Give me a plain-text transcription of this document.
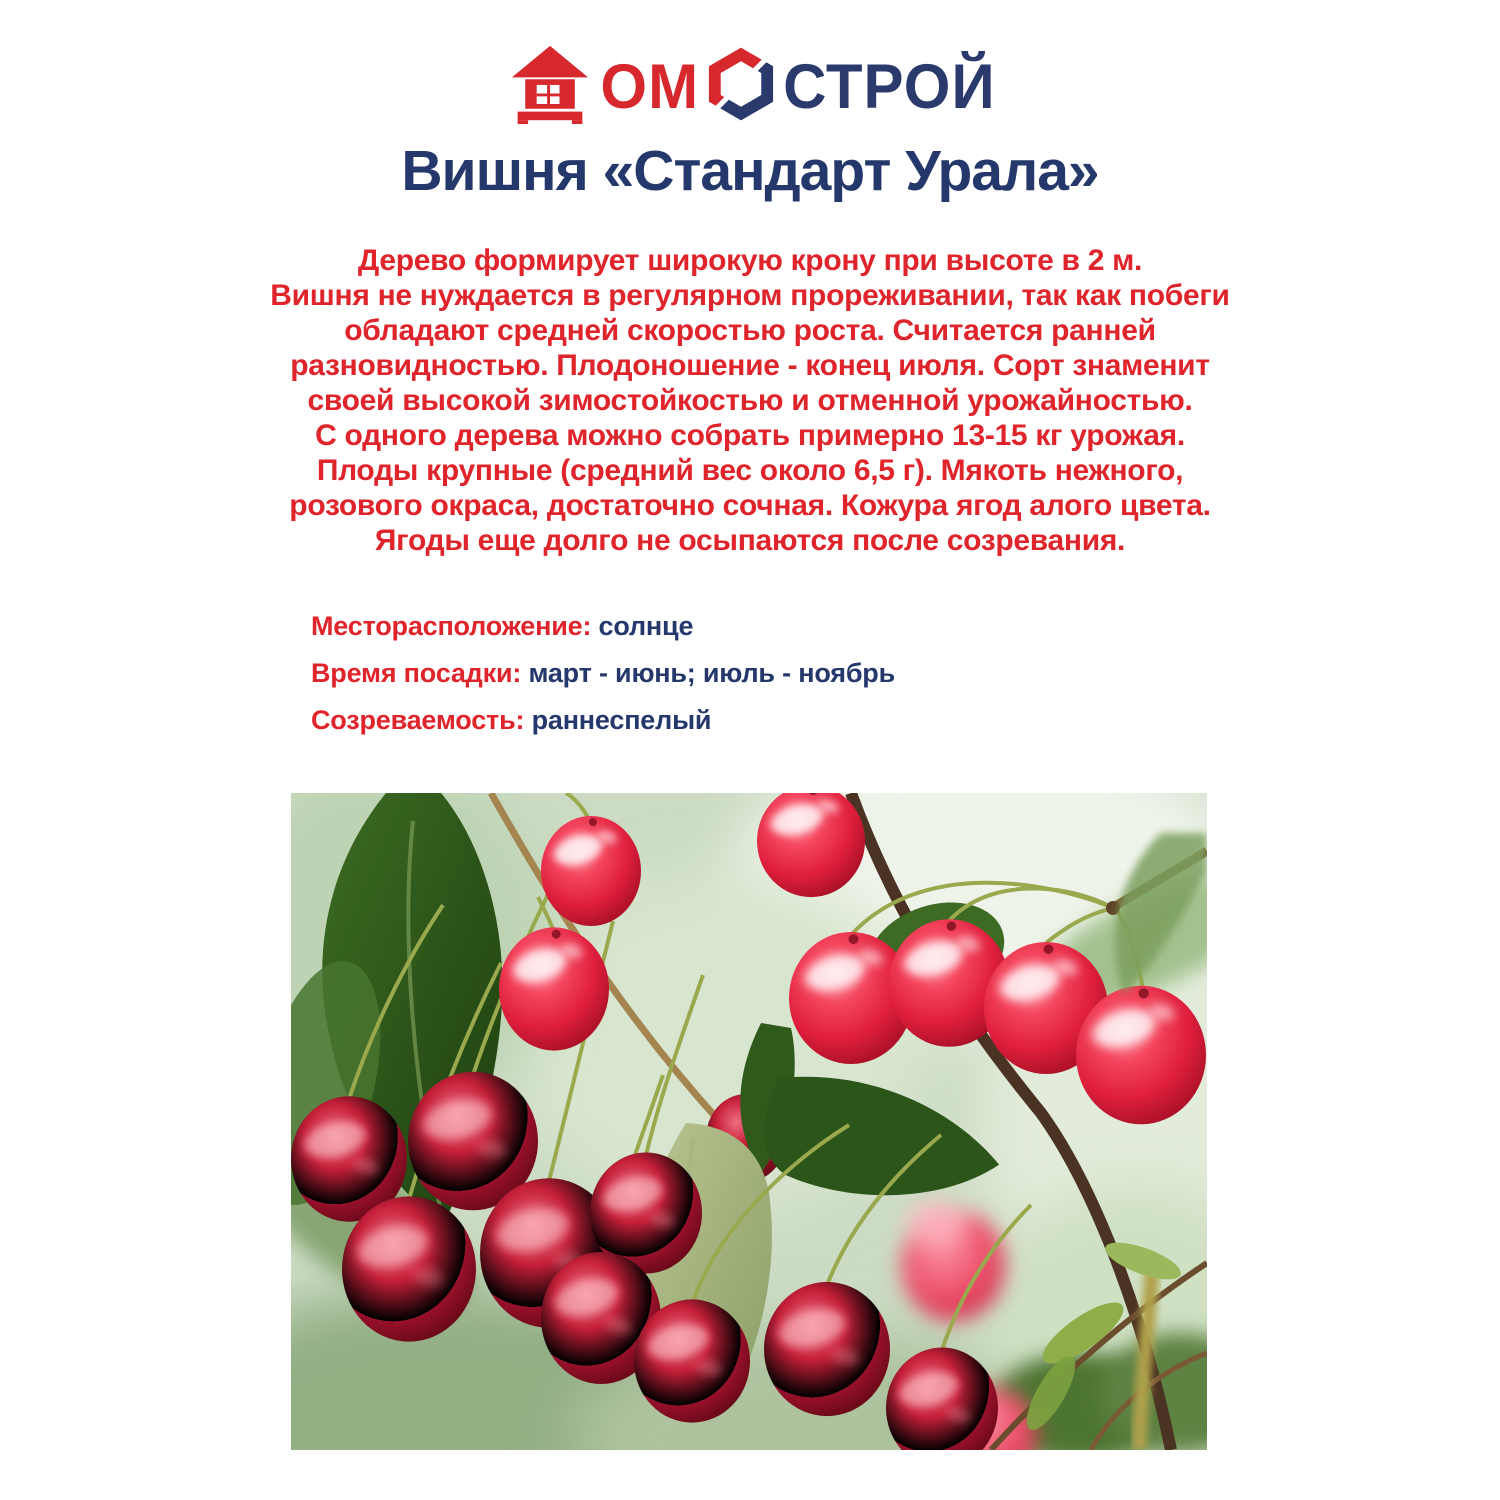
ОМ СТРОЙ
Вишня «Стандарт Урала»
Дерево формирует широкую крону при высоте в 2 м.
Вишня не нуждается в регулярном прореживании, так как побеги
обладают средней скоростью роста. Считается ранней
разновидностью. Плодоношение - конец июля. Сорт знаменит
своей высокой зимостойкостью и отменной урожайностью.
С одного дерева можно собрать примерно 13-15 кг урожая.
Плоды крупные (средний вес около 6,5 г). Мякоть нежного,
розового окраса, достаточно сочная. Кожура ягод алого цвета.
Ягоды еще долго не осыпаются после созревания.
Месторасположение: солнце
Время посадки: март - июнь; июль - ноябрь
Созреваемость: раннеспелый
